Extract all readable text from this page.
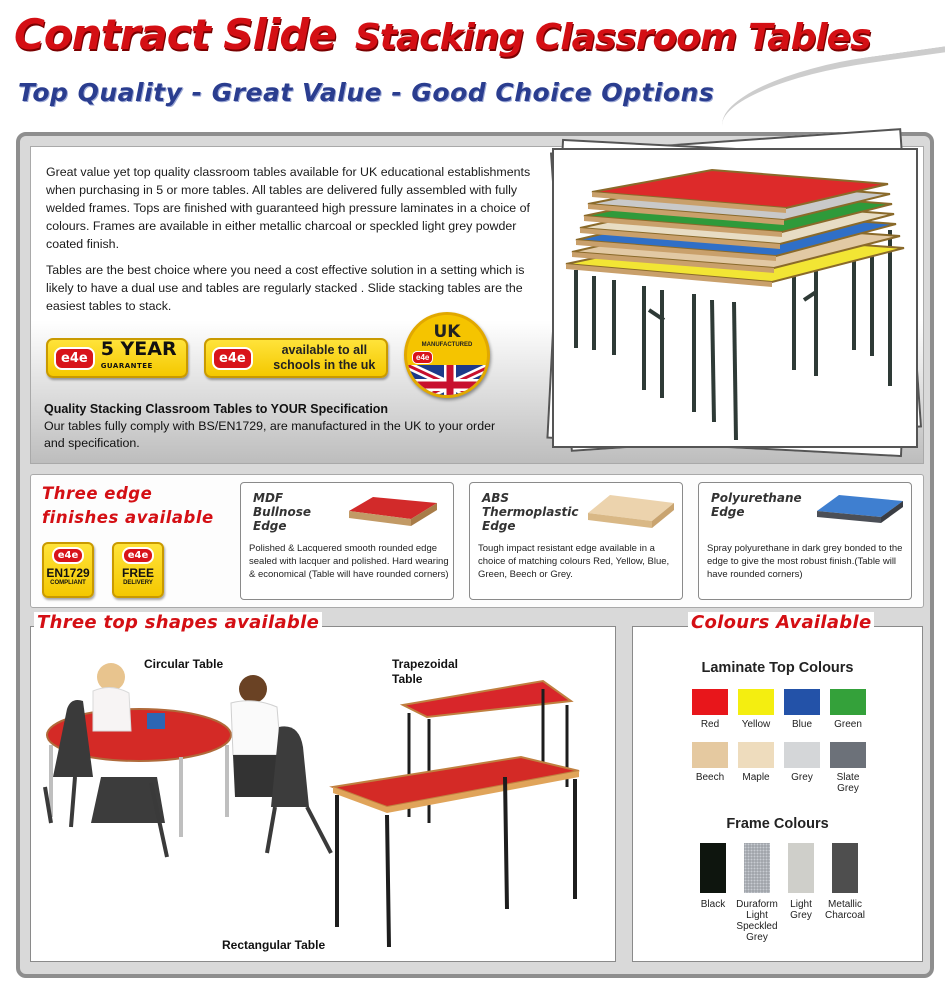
Contract Slide Stacking Classroom Tables
Top Quality - Great Value - Good Choice Options

Great value yet top quality classroom tables available for UK educational establishments when purchasing in 5 or more tables. All tables are delivered fully assembled with fully welded frames. Tops are finished with guaranteed high pressure laminates in a choice of colours. Frames are available in either metallic charcoal or speckled light grey powder coated finish.

Tables are the best choice where you need a cost effective solution in a setting which is likely to have a dual use and tables are regularly stacked . Slide stacking tables are the easiest tables to stack.

e4e 5 YEAR
GUARANTEE
e4e
available to all schools in the uk
UK
MANUFACTURED
e4e
Quality Stacking Classroom Tables to YOUR Specification
Our tables fully comply with BS/EN1729, are manufactured in the UK to your order and specification.
Three edge
finishes available
e4e
EN1729
COMPLIANT
e4e
FREE
DELIVERY
MDF Bullnose Edge
Polished & Lacquered smooth rounded edge sealed with lacquer and polished. Hard wearing & economical (Table will have rounded corners)
ABS Thermoplastic Edge
Tough impact resistant edge available in a choice of matching colours Red, Yellow, Blue, Green, Beech or Grey.
Polyurethane Edge
Spray polyurethane in dark grey bonded to the edge to give the most robust finish.(Table will have rounded corners)
Three top shapes available
Circular Table	Trapezoidal Table
Rectangular Table
Colours Available
Laminate Top Colours
Red	Yellow	Blue	Green
Beech	Maple	Grey	Slate Grey
Frame Colours
Black	Duraform Light Speckled Grey
Light Grey
Metallic Charcoal
